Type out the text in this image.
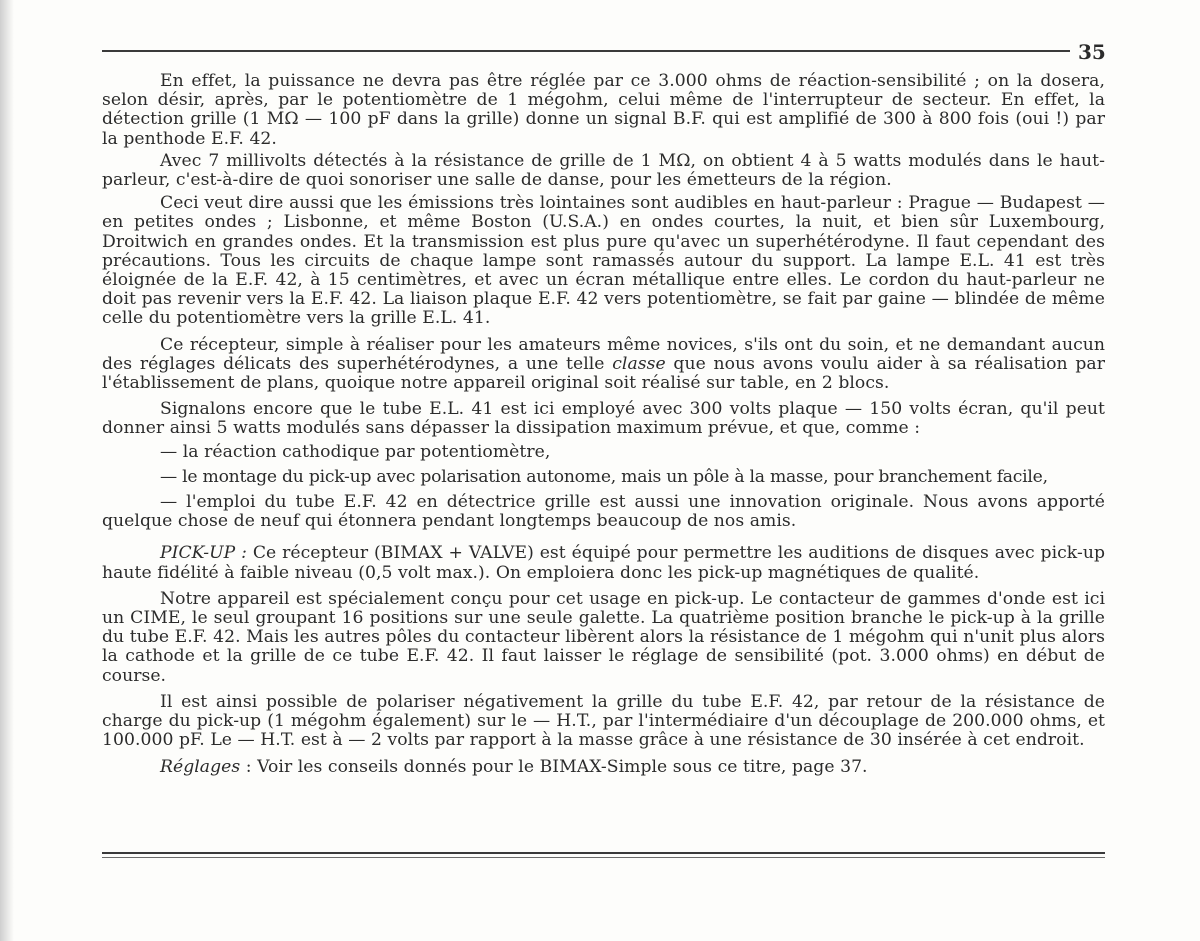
35

En effet, la puissance ne devra pas être réglée par ce 3.000 ohms de réaction-sensibilité ; on la dosera, selon désir, après, par le potentiomètre de 1 mégohm, celui même de l'interrupteur de secteur. En effet, la détection grille (1 MΩ — 100 pF dans la grille) donne un signal B.F. qui est amplifié de 300 à 800 fois (oui !) par la penthode E.F. 42.

Avec 7 millivolts détectés à la résistance de grille de 1 MΩ, on obtient 4 à 5 watts modulés dans le haut-parleur, c'est-à-dire de quoi sonoriser une salle de danse, pour les émetteurs de la région.

Ceci veut dire aussi que les émissions très lointaines sont audibles en haut-parleur : Prague — Budapest — en petites ondes ; Lisbonne, et même Boston (U.S.A.) en ondes courtes, la nuit, et bien sûr Luxembourg, Droitwich en grandes ondes. Et la transmission est plus pure qu'avec un superhétérodyne. Il faut cependant des précautions. Tous les circuits de chaque lampe sont ramassés autour du support. La lampe E.L. 41 est très éloignée de la E.F. 42, à 15 centimètres, et avec un écran métallique entre elles. Le cordon du haut-parleur ne doit pas revenir vers la E.F. 42. La liaison plaque E.F. 42 vers potentiomètre, se fait par gaine — blindée de même celle du potentiomètre vers la grille E.L. 41.

Ce récepteur, simple à réaliser pour les amateurs même novices, s'ils ont du soin, et ne demandant aucun des réglages délicats des superhétérodynes, a une telle classe que nous avons voulu aider à sa réalisation par l'établissement de plans, quoique notre appareil original soit réalisé sur table, en 2 blocs.

Signalons encore que le tube E.L. 41 est ici employé avec 300 volts plaque — 150 volts écran, qu'il peut donner ainsi 5 watts modulés sans dépasser la dissipation maximum prévue, et que, comme :

— la réaction cathodique par potentiomètre,

— le montage du pick-up avec polarisation autonome, mais un pôle à la masse, pour branchement facile,

— l'emploi du tube E.F. 42 en détectrice grille est aussi une innovation originale. Nous avons apporté quelque chose de neuf qui étonnera pendant longtemps beaucoup de nos amis.

PICK-UP : Ce récepteur (BIMAX + VALVE) est équipé pour permettre les auditions de disques avec pick-up haute fidélité à faible niveau (0,5 volt max.). On emploiera donc les pick-up magnétiques de qualité.

Notre appareil est spécialement conçu pour cet usage en pick-up. Le contacteur de gammes d'onde est ici un CIME, le seul groupant 16 positions sur une seule galette. La quatrième position branche le pick-up à la grille du tube E.F. 42. Mais les autres pôles du contacteur libèrent alors la résistance de 1 mégohm qui n'unit plus alors la cathode et la grille de ce tube E.F. 42. Il faut laisser le réglage de sensibilité (pot. 3.000 ohms) en début de course.

Il est ainsi possible de polariser négativement la grille du tube E.F. 42, par retour de la résistance de charge du pick-up (1 mégohm également) sur le — H.T., par l'intermédiaire d'un découplage de 200.000 ohms, et 100.000 pF. Le — H.T. est à — 2 volts par rapport à la masse grâce à une résistance de 30 insérée à cet endroit.

Réglages : Voir les conseils donnés pour le BIMAX-Simple sous ce titre, page 37.
